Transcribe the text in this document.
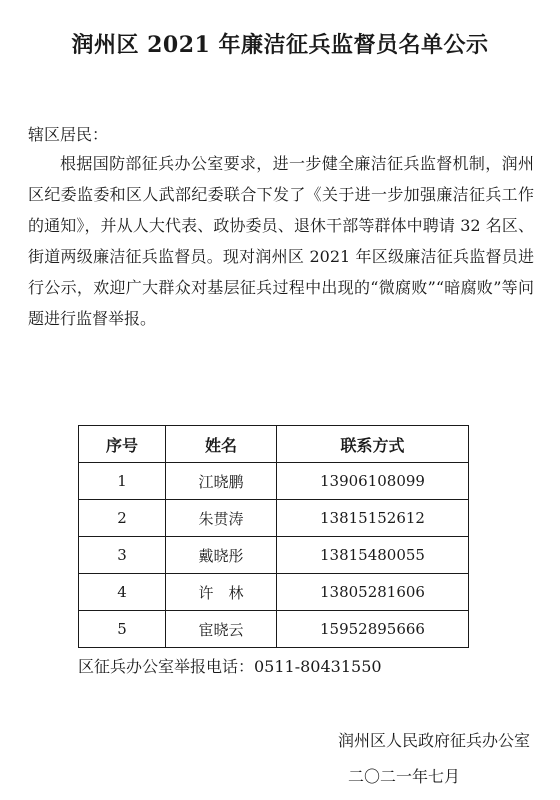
润州区 2021 年廉洁征兵监督员名单公示
辖区居民：

根据国防部征兵办公室要求，进一步健全廉洁征兵监督机制，润州区纪委监委和区人武部纪委联合下发了《关于进一步加强廉洁征兵工作的通知》，并从人大代表、政协委员、退休干部等群体中聘请 32 名区、街道两级廉洁征兵监督员。现对润州区 2021 年区级廉洁征兵监督员进行公示，欢迎广大群众对基层征兵过程中出现的“微腐败”“暗腐败”等问题进行监督举报。

序号	姓名	联系方式
1	江晓鹏	13906108099
2	朱贯涛	13815152612
3	戴晓彤	13815480055
4	许　林	13805281606
5	宦晓云	15952895666
区征兵办公室举报电话：0511-80431550
润州区人民政府征兵办公室
二〇二一年七月
